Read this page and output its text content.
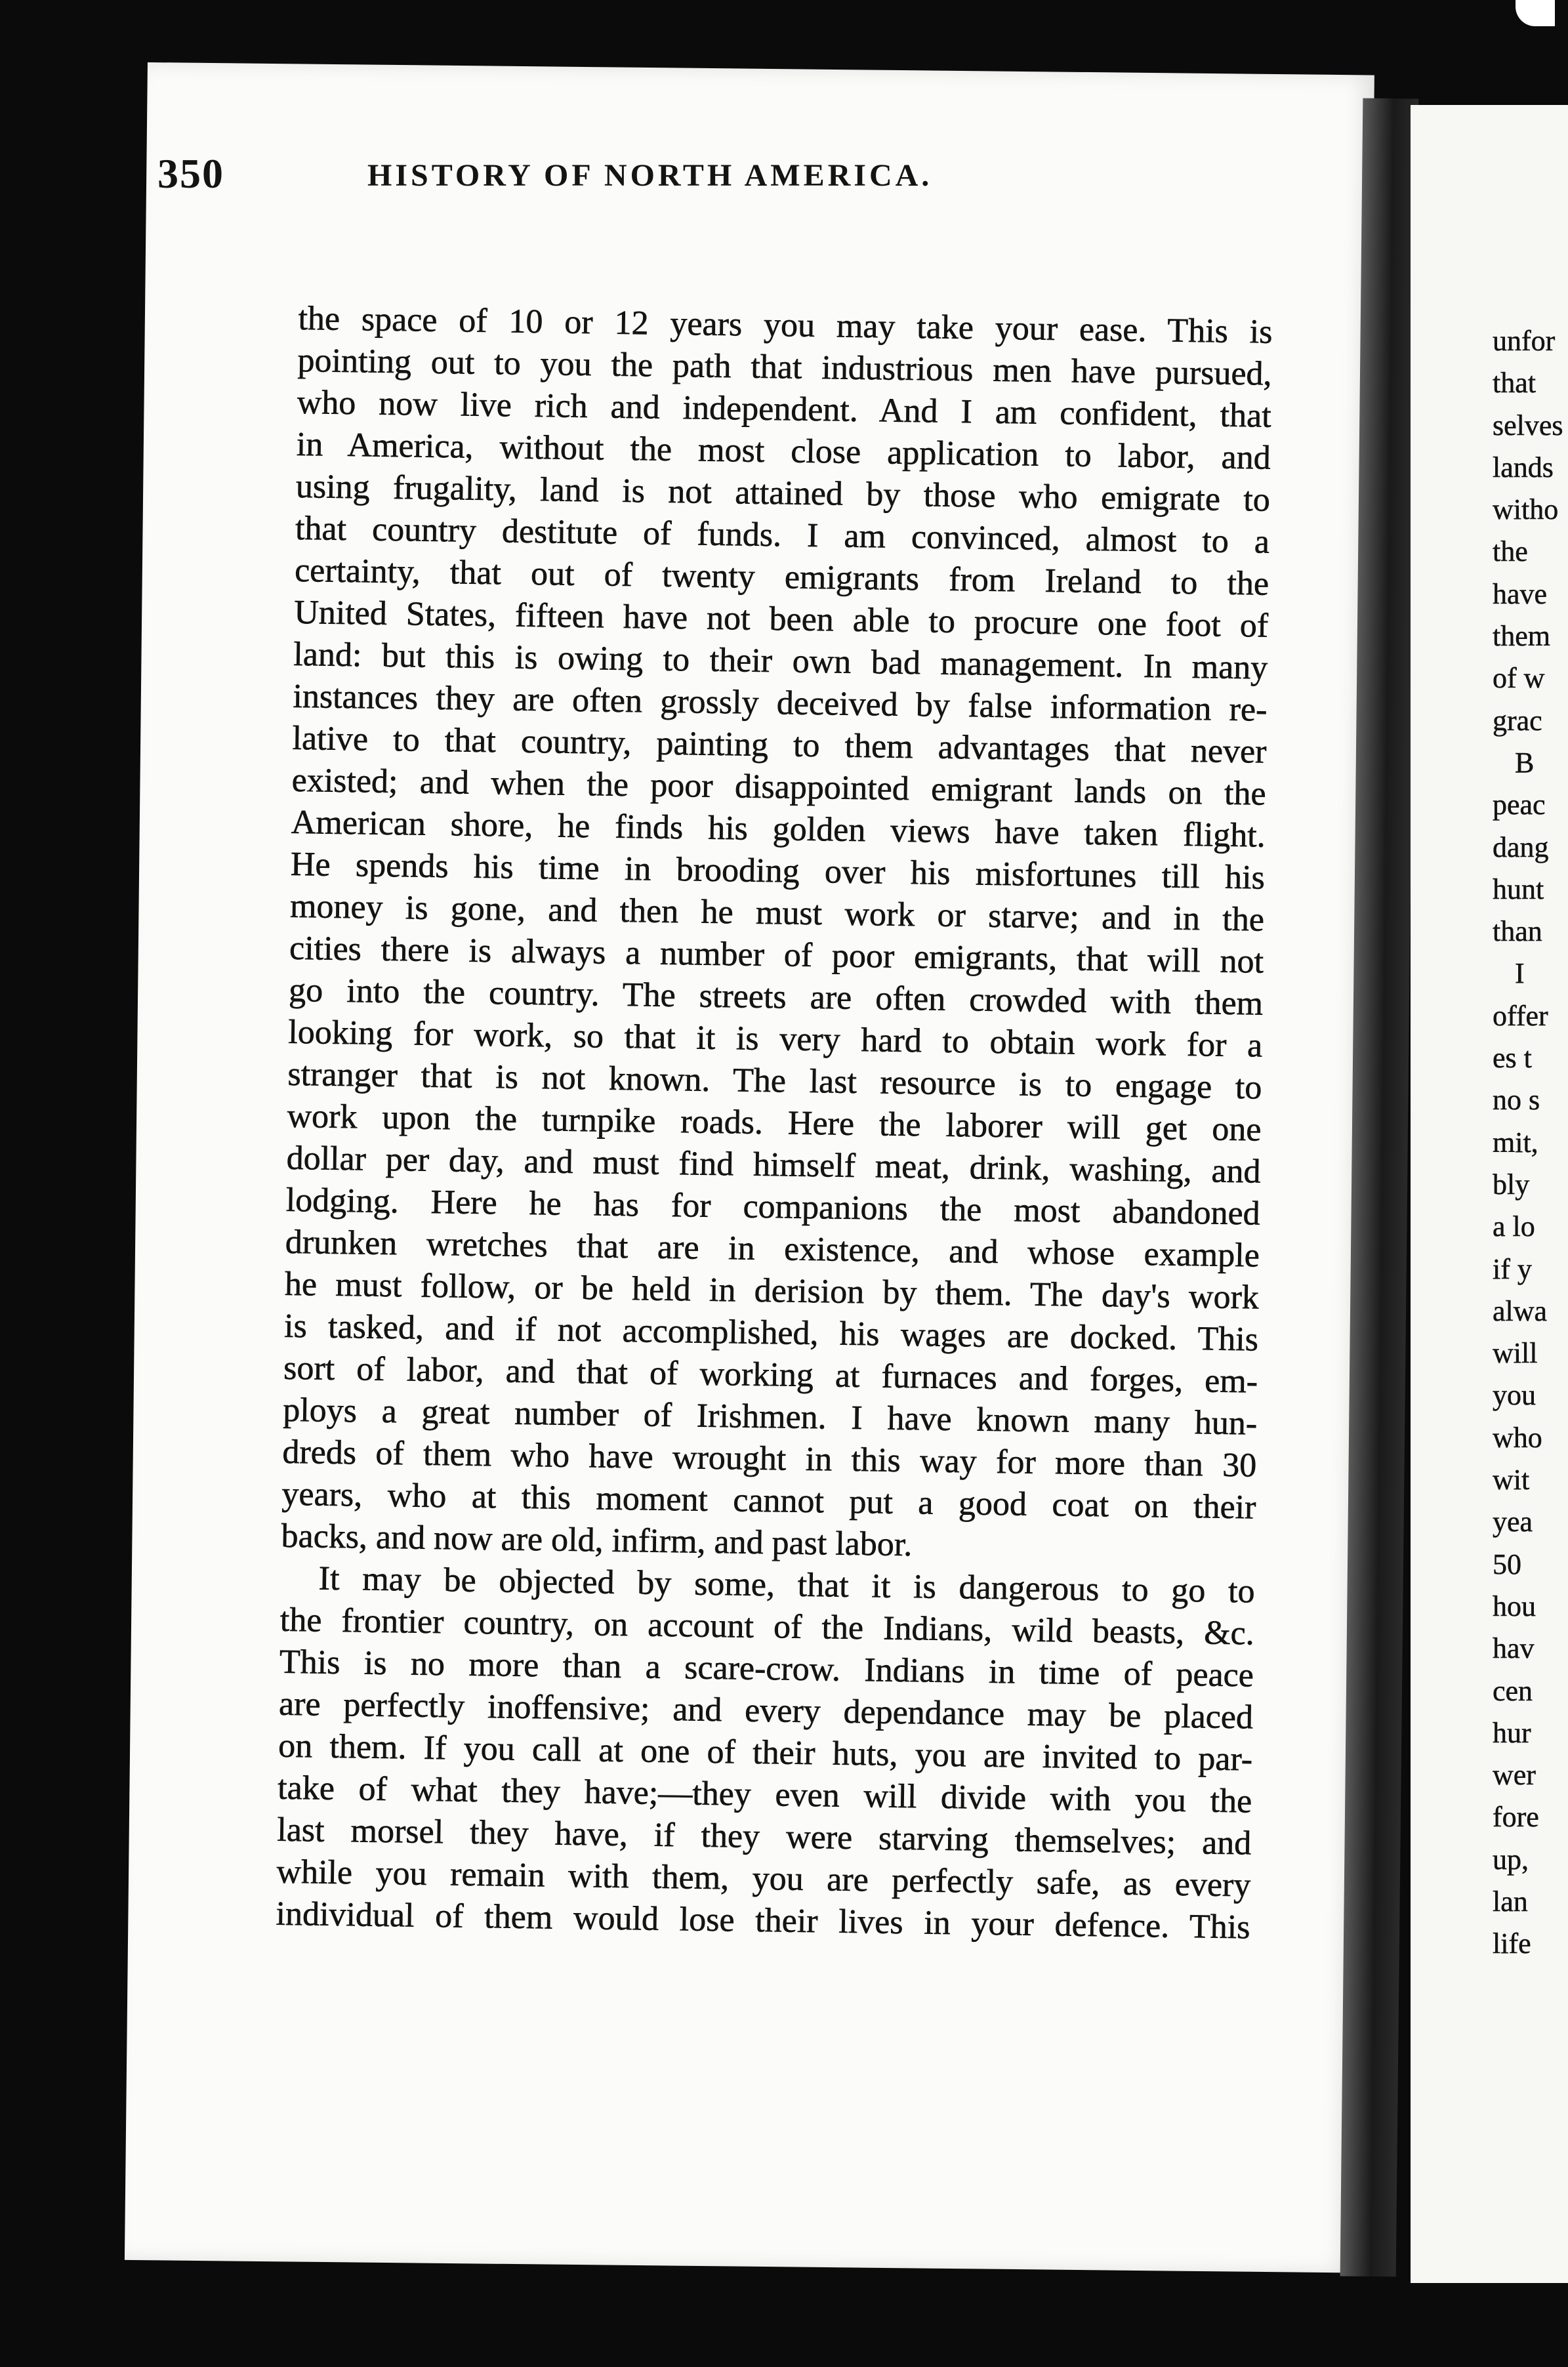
350	HISTORY OF NORTH AMERICA.
the space of 10 or 12 years you may take your ease. This is
pointing out to you the path that industrious men have pursued,
who now live rich and independent. And I am confident, that
in America, without the most close application to labor, and
using frugality, land is not attained by those who emigrate to
that country destitute of funds. I am convinced, almost to a
certainty, that out of twenty emigrants from Ireland to the
United States, fifteen have not been able to procure one foot of
land: but this is owing to their own bad management. In many
instances they are often grossly deceived by false information re-
lative to that country, painting to them advantages that never
existed; and when the poor disappointed emigrant lands on the
American shore, he finds his golden views have taken flight.
He spends his time in brooding over his misfortunes till his
money is gone, and then he must work or starve; and in the
cities there is always a number of poor emigrants, that will not
go into the country. The streets are often crowded with them
looking for work, so that it is very hard to obtain work for a
stranger that is not known. The last resource is to engage to
work upon the turnpike roads. Here the laborer will get one
dollar per day, and must find himself meat, drink, washing, and
lodging. Here he has for companions the most abandoned
drunken wretches that are in existence, and whose example
he must follow, or be held in derision by them. The day's work
is tasked, and if not accomplished, his wages are docked. This
sort of labor, and that of working at furnaces and forges, em-
ploys a great number of Irishmen. I have known many hun-
dreds of them who have wrought in this way for more than 30
years, who at this moment cannot put a good coat on their
backs, and now are old, infirm, and past labor.
It may be objected by some, that it is dangerous to go to
the frontier country, on account of the Indians, wild beasts, &c.
This is no more than a scare-crow. Indians in time of peace
are perfectly inoffensive; and every dependance may be placed
on them. If you call at one of their huts, you are invited to par-
take of what they have;—they even will divide with you the
last morsel they have, if they were starving themselves; and
while you remain with them, you are perfectly safe, as every
individual of them would lose their lives in your defence. This
unfor
that
selves
lands
witho
the
have
them
of w
grac
B
peac
dang
hunt
than
I
offer
es t
no s
mit,
bly
a lo
if y
alwa
will
you
who
wit
yea
50
hou
hav
cen
hur
wer
fore
up,
lan
life
